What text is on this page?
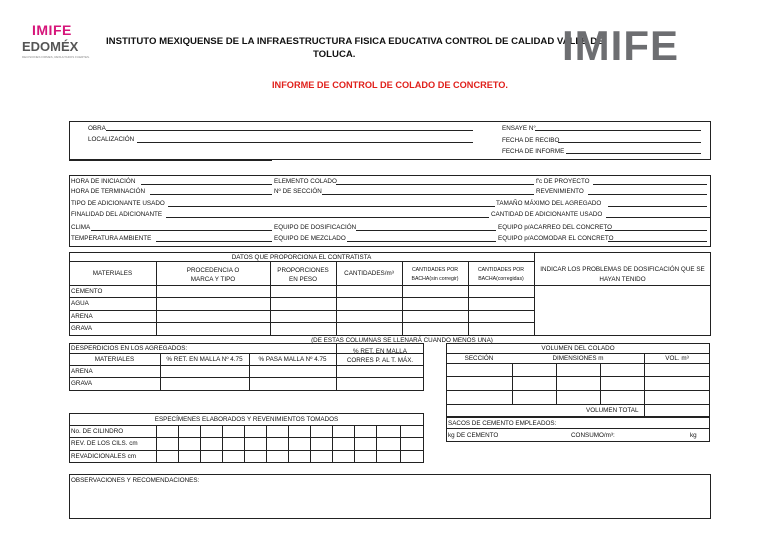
IMIFE
EDOMÉX
DECISIONES FIRMES, RESULTADOS FUERTES.
INSTITUTO MEXIQUENSE DE LA INFRAESTRUCTURA FISICA EDUCATIVA CONTROL DE CALIDAD VALLE DE
TOLUCA.	IMIFE
INFORME DE CONTROL DE COLADO DE CONCRETO.
OBRA
LOCALIZACIÓN
ENSAYE N°
FECHA DE RECIBO
FECHA DE INFORME
HORA DE INICIACIÓN	ELEMENTO COLADO	f'c DE PROYECTO
HORA DE TERMINACIÓN	Nº DE SECCIÓN	REVENIMIENTO
TIPO DE ADICIONANTE USADO	TAMAÑO MÁXIMO DEL AGREGADO
FINALIDAD DEL ADICIONANTE	CANTIDAD DE ADICIONANTE USADO
CLIMA	EQUIPO DE DOSIFICACIÓN	EQUIPO p/ACARREO DEL CONCRETO
TEMPERATURA AMBIENTE	EQUIPO DE MEZCLADO	EQUIPO p/ACOMODAR EL CONCRETO
DATOS QUE PROPORCIONA EL CONTRATISTA
MATERIALES	PROCEDENCIA O
MARCA Y TIPO
PROPORCIONES
EN PESO
CANTIDADES/m³	CANTIDADES POR
BACHA(sin corregir)
CANTIDADES POR
BACHA(corregidas)
INDICAR LOS PROBLEMAS DE DOSIFICACIÓN QUE SE
HAYAN TENIDO
CEMENTO
AGUA
ARENA
GRAVA
(DE ESTAS COLUMNAS SE LLENARÁ CUANDO MENOS UNA)
DESPERDICIOS EN LOS AGREGADOS:
MATERIALES	% RET. EN MALLA Nº 4.75	% PASA MALLA Nº 4.75
% RET. EN MALLA
CORRES P. AL T. MÁX.
ARENA
GRAVA
VOLUMEN DEL COLADO
SECCIÓN	DIMENSIONES m	VOL. m³
VOLUMEN TOTAL
SACOS DE CEMENTO EMPLEADOS:
kg DE CEMENTO	CONSUMO/m³:	kg
ESPECÍMENES ELABORADOS Y REVENIMIENTOS TOMADOS
No. DE CILINDRO
REV. DE LOS CILS. cm
REVADICIONALES cm
OBSERVACIONES Y RECOMENDACIONES:
